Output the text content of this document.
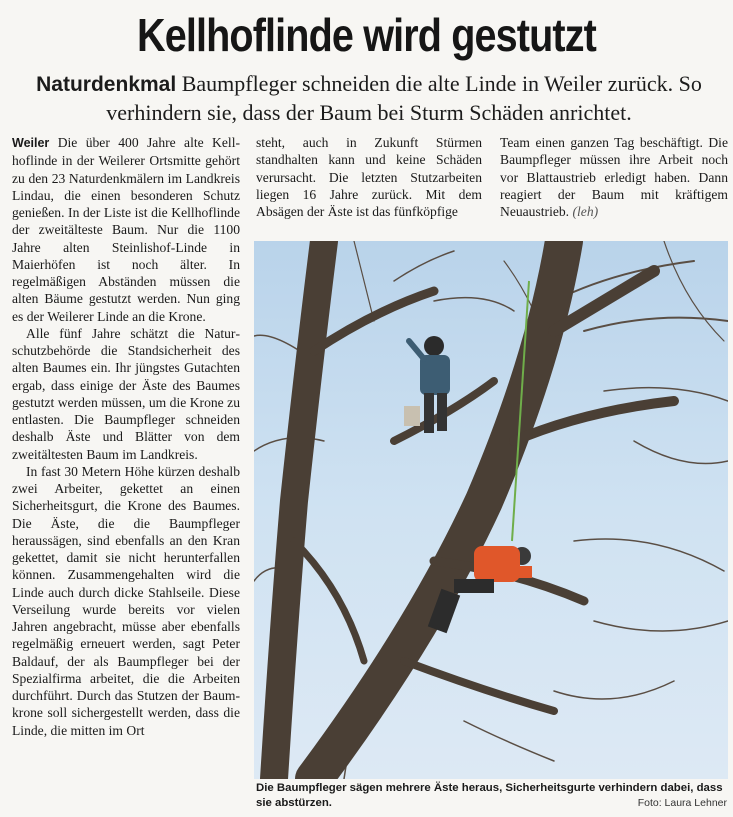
Kellhoflinde wird gestutzt
Naturdenkmal Baumpfleger schneiden die alte Linde in Weiler zurück. So verhindern sie, dass der Baum bei Sturm Schäden anrichtet.

Weiler Die über 400 Jahre alte Kellhoflinde in der Weilerer Ortsmitte gehört zu den 23 Naturdenkmälern im Landkreis Lindau, die einen besonderen Schutz genießen. In der Liste ist die Kellhoflinde der zweitälteste Baum. Nur die 1100 Jahre alten Steinlishof-Linde in Maierhöfen ist noch älter. In regelmäßigen Abständen müssen die alten Bäume gestutzt werden. Nun ging es der Weilerer Linde an die Krone.

Alle fünf Jahre schätzt die Naturschutzbehörde die Standsicherheit des alten Baumes ein. Ihr jüngstes Gutachten ergab, dass einige der Äste des Baumes gestutzt werden müssen, um die Krone zu entlasten. Die Baumpfleger schneiden deshalb Äste und Blätter von dem zweitältesten Baum im Landkreis.

In fast 30 Metern Höhe kürzen deshalb zwei Arbeiter, gekettet an einen Sicherheitsgurt, die Krone des Baumes. Die Äste, die die Baumpfleger heraussägen, sind ebenfalls an den Kran gekettet, damit sie nicht herunterfallen können. Zusammengehalten wird die Linde auch durch dicke Stahlseile. Diese Verseilung wurde bereits vor vielen Jahren angebracht, müsse aber ebenfalls regelmäßig erneuert werden, sagt Peter Baldauf, der als Baumpfleger bei der Spezialfirma arbeitet, die die Arbeiten durchführt. Durch das Stutzen der Baumkrone soll sichergestellt werden, dass die Linde, die mitten im Ort

steht, auch in Zukunft Stürmen standhalten kann und keine Schäden verursacht. Die letzten Stutzarbeiten liegen 16 Jahre zurück. Mit dem Absägen der Äste ist das fünfköpfige

Team einen ganzen Tag beschäftigt. Die Baumpfleger müssen ihre Arbeit noch vor Blattaustrieb erledigt haben. Dann reagiert der Baum mit kräftigem Neuaustrieb. (leh)

Die Baumpfleger sägen mehrere Äste heraus, Sicherheitsgurte verhindern dabei, dass sie abstürzen.	Foto: Laura Lehner
